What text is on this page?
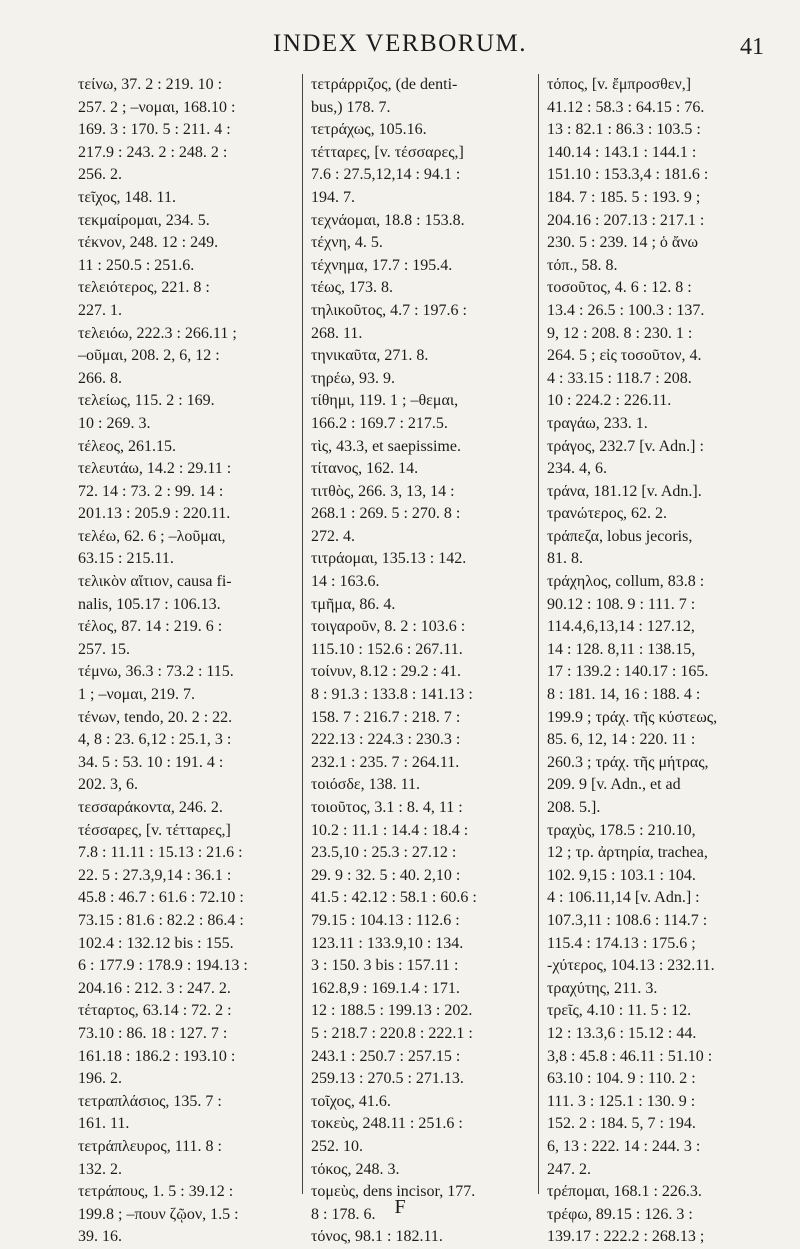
INDEX VERBORUM.	41
τείνω, 37. 2 : 219. 10 :
257. 2 ; –νομαι, 168.10 :
169. 3 : 170. 5 : 211. 4 :
217.9 : 243. 2 : 248. 2 :
256. 2.
τεῖχος, 148. 11.
τεκμαίρομαι, 234. 5.
τέκνον, 248. 12 : 249.
11 : 250.5 : 251.6.
τελειότερος, 221. 8 :
227. 1.
τελειόω, 222.3 : 266.11 ;
–οῦμαι, 208. 2, 6, 12 :
266. 8.
τελείως, 115. 2 : 169.
10 : 269. 3.
τέλεος, 261.15.
τελευτάω, 14.2 : 29.11 :
72. 14 : 73. 2 : 99. 14 :
201.13 : 205.9 : 220.11.
τελέω, 62. 6 ; –λοῦμαι,
63.15 : 215.11.
τελικὸν αἴτιον, causa fi-
nalis, 105.17 : 106.13.
τέλος, 87. 14 : 219. 6 :
257. 15.
τέμνω, 36.3 : 73.2 : 115.
1 ; –νομαι, 219. 7.
τένων, tendo, 20. 2 : 22.
4, 8 : 23. 6,12 : 25.1, 3 :
34. 5 : 53. 10 : 191. 4 :
202. 3, 6.
τεσσαράκοντα, 246. 2.
τέσσαρες, [v. τέτταρες,]
7.8 : 11.11 : 15.13 : 21.6 :
22. 5 : 27.3,9,14 : 36.1 :
45.8 : 46.7 : 61.6 : 72.10 :
73.15 : 81.6 : 82.2 : 86.4 :
102.4 : 132.12 bis : 155.
6 : 177.9 : 178.9 : 194.13 :
204.16 : 212. 3 : 247. 2.
τέταρτος, 63.14 : 72. 2 :
73.10 : 86. 18 : 127. 7 :
161.18 : 186.2 : 193.10 :
196. 2.
τετραπλάσιος, 135. 7 :
161. 11.
τετράπλευρος, 111. 8 :
132. 2.
τετράπους, 1. 5 : 39.12 :
199.8 ; –πουν ζῷον, 1.5 :
39. 16.
τετράρριζος, (de denti-
bus,) 178. 7.
τετράχως, 105.16.
τέτταρες, [v. τέσσαρες,]
7.6 : 27.5,12,14 : 94.1 :
194. 7.
τεχνάομαι, 18.8 : 153.8.
τέχνη, 4. 5.
τέχνημα, 17.7 : 195.4.
τέως, 173. 8.
τηλικοῦτος, 4.7 : 197.6 :
268. 11.
τηνικαῦτα, 271. 8.
τηρέω, 93. 9.
τίθημι, 119. 1 ; –θεμαι,
166.2 : 169.7 : 217.5.
τὶς, 43.3, et saepissime.
τίτανος, 162. 14.
τιτθὸς, 266. 3, 13, 14 :
268.1 : 269. 5 : 270. 8 :
272. 4.
τιτράομαι, 135.13 : 142.
14 : 163.6.
τμῆμα, 86. 4.
τοιγαροῦν, 8. 2 : 103.6 :
115.10 : 152.6 : 267.11.
τοίνυν, 8.12 : 29.2 : 41.
8 : 91.3 : 133.8 : 141.13 :
158. 7 : 216.7 : 218. 7 :
222.13 : 224.3 : 230.3 :
232.1 : 235. 7 : 264.11.
τοιόσδε, 138. 11.
τοιοῦτος, 3.1 : 8. 4, 11 :
10.2 : 11.1 : 14.4 : 18.4 :
23.5,10 : 25.3 : 27.12 :
29. 9 : 32. 5 : 40. 2,10 :
41.5 : 42.12 : 58.1 : 60.6 :
79.15 : 104.13 : 112.6 :
123.11 : 133.9,10 : 134.
3 : 150. 3 bis : 157.11 :
162.8,9 : 169.1.4 : 171.
12 : 188.5 : 199.13 : 202.
5 : 218.7 : 220.8 : 222.1 :
243.1 : 250.7 : 257.15 :
259.13 : 270.5 : 271.13.
τοῖχος, 41.6.
τοκεὺς, 248.11 : 251.6 :
252. 10.
τόκος, 248. 3.
τομεὺς, dens incisor, 177.
8 : 178. 6.
τόνος, 98.1 : 182.11.
τόπος, [v. ἔμπροσθεν,]
41.12 : 58.3 : 64.15 : 76.
13 : 82.1 : 86.3 : 103.5 :
140.14 : 143.1 : 144.1 :
151.10 : 153.3,4 : 181.6 :
184. 7 : 185. 5 : 193. 9 ;
204.16 : 207.13 : 217.1 :
230. 5 : 239. 14 ; ὁ ἄνω
τόπ., 58. 8.
τοσοῦτος, 4. 6 : 12. 8 :
13.4 : 26.5 : 100.3 : 137.
9, 12 : 208. 8 : 230. 1 :
264. 5 ; εἰς τοσοῦτον, 4.
4 : 33.15 : 118.7 : 208.
10 : 224.2 : 226.11.
τραγάω, 233. 1.
τράγος, 232.7 [v. Adn.] :
234. 4, 6.
τράνα, 181.12 [v. Adn.].
τρανώτερος, 62. 2.
τράπεζα, lobus jecoris,
81. 8.
τράχηλος, collum, 83.8 :
90.12 : 108. 9 : 111. 7 :
114.4,6,13,14 : 127.12,
14 : 128. 8,11 : 138.15,
17 : 139.2 : 140.17 : 165.
8 : 181. 14, 16 : 188. 4 :
199.9 ; τράχ. τῆς κύστεως,
85. 6, 12, 14 : 220. 11 :
260.3 ; τράχ. τῆς μήτρας,
209. 9 [v. Adn., et ad
208. 5.].
τραχὺς, 178.5 : 210.10,
12 ; τρ. ἀρτηρία, trachea,
102. 9,15 : 103.1 : 104.
4 : 106.11,14 [v. Adn.] :
107.3,11 : 108.6 : 114.7 :
115.4 : 174.13 : 175.6 ;
-χύτερος, 104.13 : 232.11.
τραχύτης, 211. 3.
τρεῖς, 4.10 : 11. 5 : 12.
12 : 13.3,6 : 15.12 : 44.
3,8 : 45.8 : 46.11 : 51.10 :
63.10 : 104. 9 : 110. 2 :
111. 3 : 125.1 : 130. 9 :
152. 2 : 184. 5, 7 : 194.
6, 13 : 222. 14 : 244. 3 :
247. 2.
τρέπομαι, 168.1 : 226.3.
τρέφω, 89.15 : 126. 3 :
139.17 : 222.2 : 268.13 ;
F
